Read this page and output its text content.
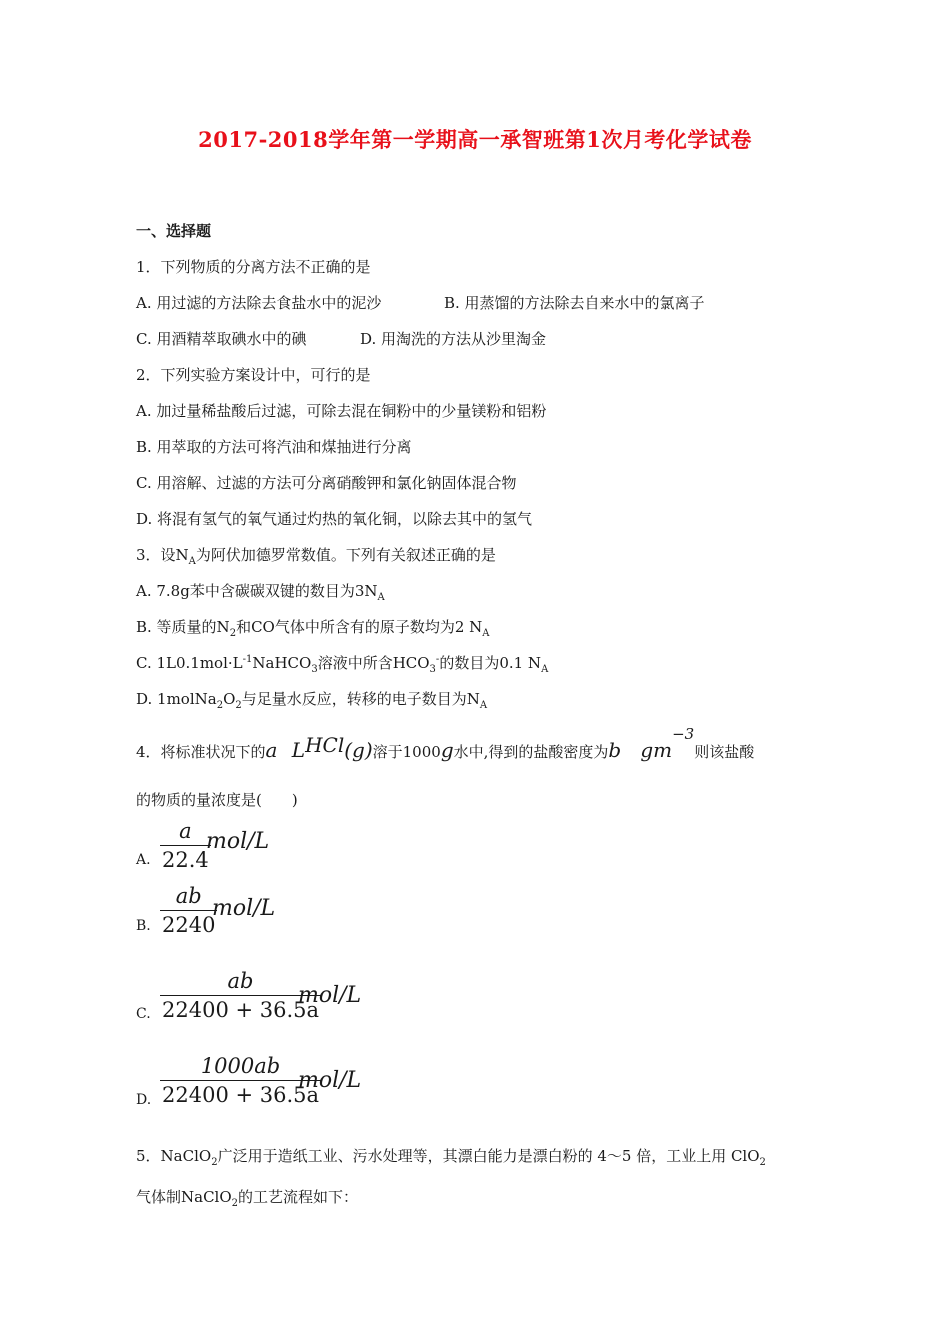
2017-2018学年第一学期高一承智班第1次月考化学试卷
一、选择题
1．下列物质的分离方法不正确的是
A. 用过滤的方法除去食盐水中的泥沙	B. 用蒸馏的方法除去自来水中的氯离子
C. 用酒精萃取碘水中的碘	D. 用淘洗的方法从沙里淘金
2．下列实验方案设计中，可行的是
A. 加过量稀盐酸后过滤，可除去混在铜粉中的少量镁粉和铝粉
B. 用萃取的方法可将汽油和煤抽进行分离
C. 用溶解、过滤的方法可分离硝酸钾和氯化钠固体混合物
D. 将混有氢气的氧气通过灼热的氧化铜，以除去其中的氢气
3．设$N_A$为阿伏加德罗常数值。下列有关叙述正确的是
A. 7.8g苯中含碳碳双键的数目为$3N_A$
B. 等质量的$N_2$和CO气体中所含有的原子数均为2 $N_A$
C. $1L0.1mol\cdot L^{-1}NaHCO_3$溶液中所含$HCO_3^-$的数目为0.1 $N_A$
D. $1molNa_2O_2$与足量水反应，转移的电子数目为$N_A$
4．将标准状况下的a LHCl(g)溶于1000g水中,得到的盐酸密度为b gm−3则该盐酸
的物质的量浓度是(　　)
A.
a
22.4
mol/L
B.
ab
2240
mol/L
C.
ab
22400 + 36.5a
mol/L
D.
1000ab
22400 + 36.5a
mol/L
5．NaClO$_2$广泛用于造纸工业、污水处理等，其漂白能力是漂白粉的 4～5 倍，工业上用 ClO$_2$
气体制NaClO$_2$的工艺流程如下：
